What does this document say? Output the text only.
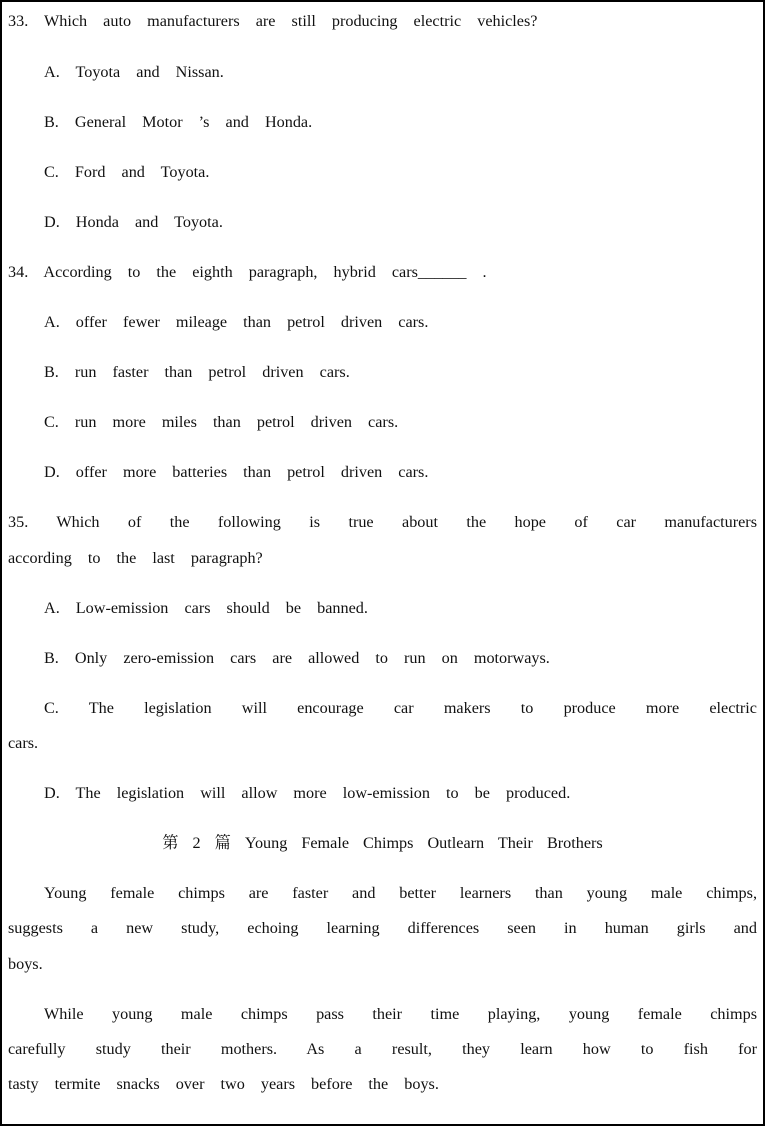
33. Which auto manufacturers are still producing electric vehicles?
A. Toyota and Nissan.
B. General Motor ’s and Honda.
C. Ford and Toyota.
D. Honda and Toyota.
34. According to the eighth paragraph, hybrid cars______ .
A. offer fewer mileage than petrol driven cars.
B. run faster than petrol driven cars.
C. run more miles than petrol driven cars.
D. offer more batteries than petrol driven cars.
35. Which of the following is true about the hope of car manufacturers
according to the last paragraph?
A. Low-emission cars should be banned.
B. Only zero-emission cars are allowed to run on motorways.
C. The legislation will encourage car makers to produce more electric
cars.
D. The legislation will allow more low-emission to be produced.
第 2 篇 Young Female Chimps Outlearn Their Brothers
Young female chimps are faster and better learners than young male chimps,
suggests a new study, echoing learning differences seen in human girls and
boys.
While young male chimps pass their time playing, young female chimps
carefully study their mothers. As a result, they learn how to fish for
tasty termite snacks over two years before the boys.
